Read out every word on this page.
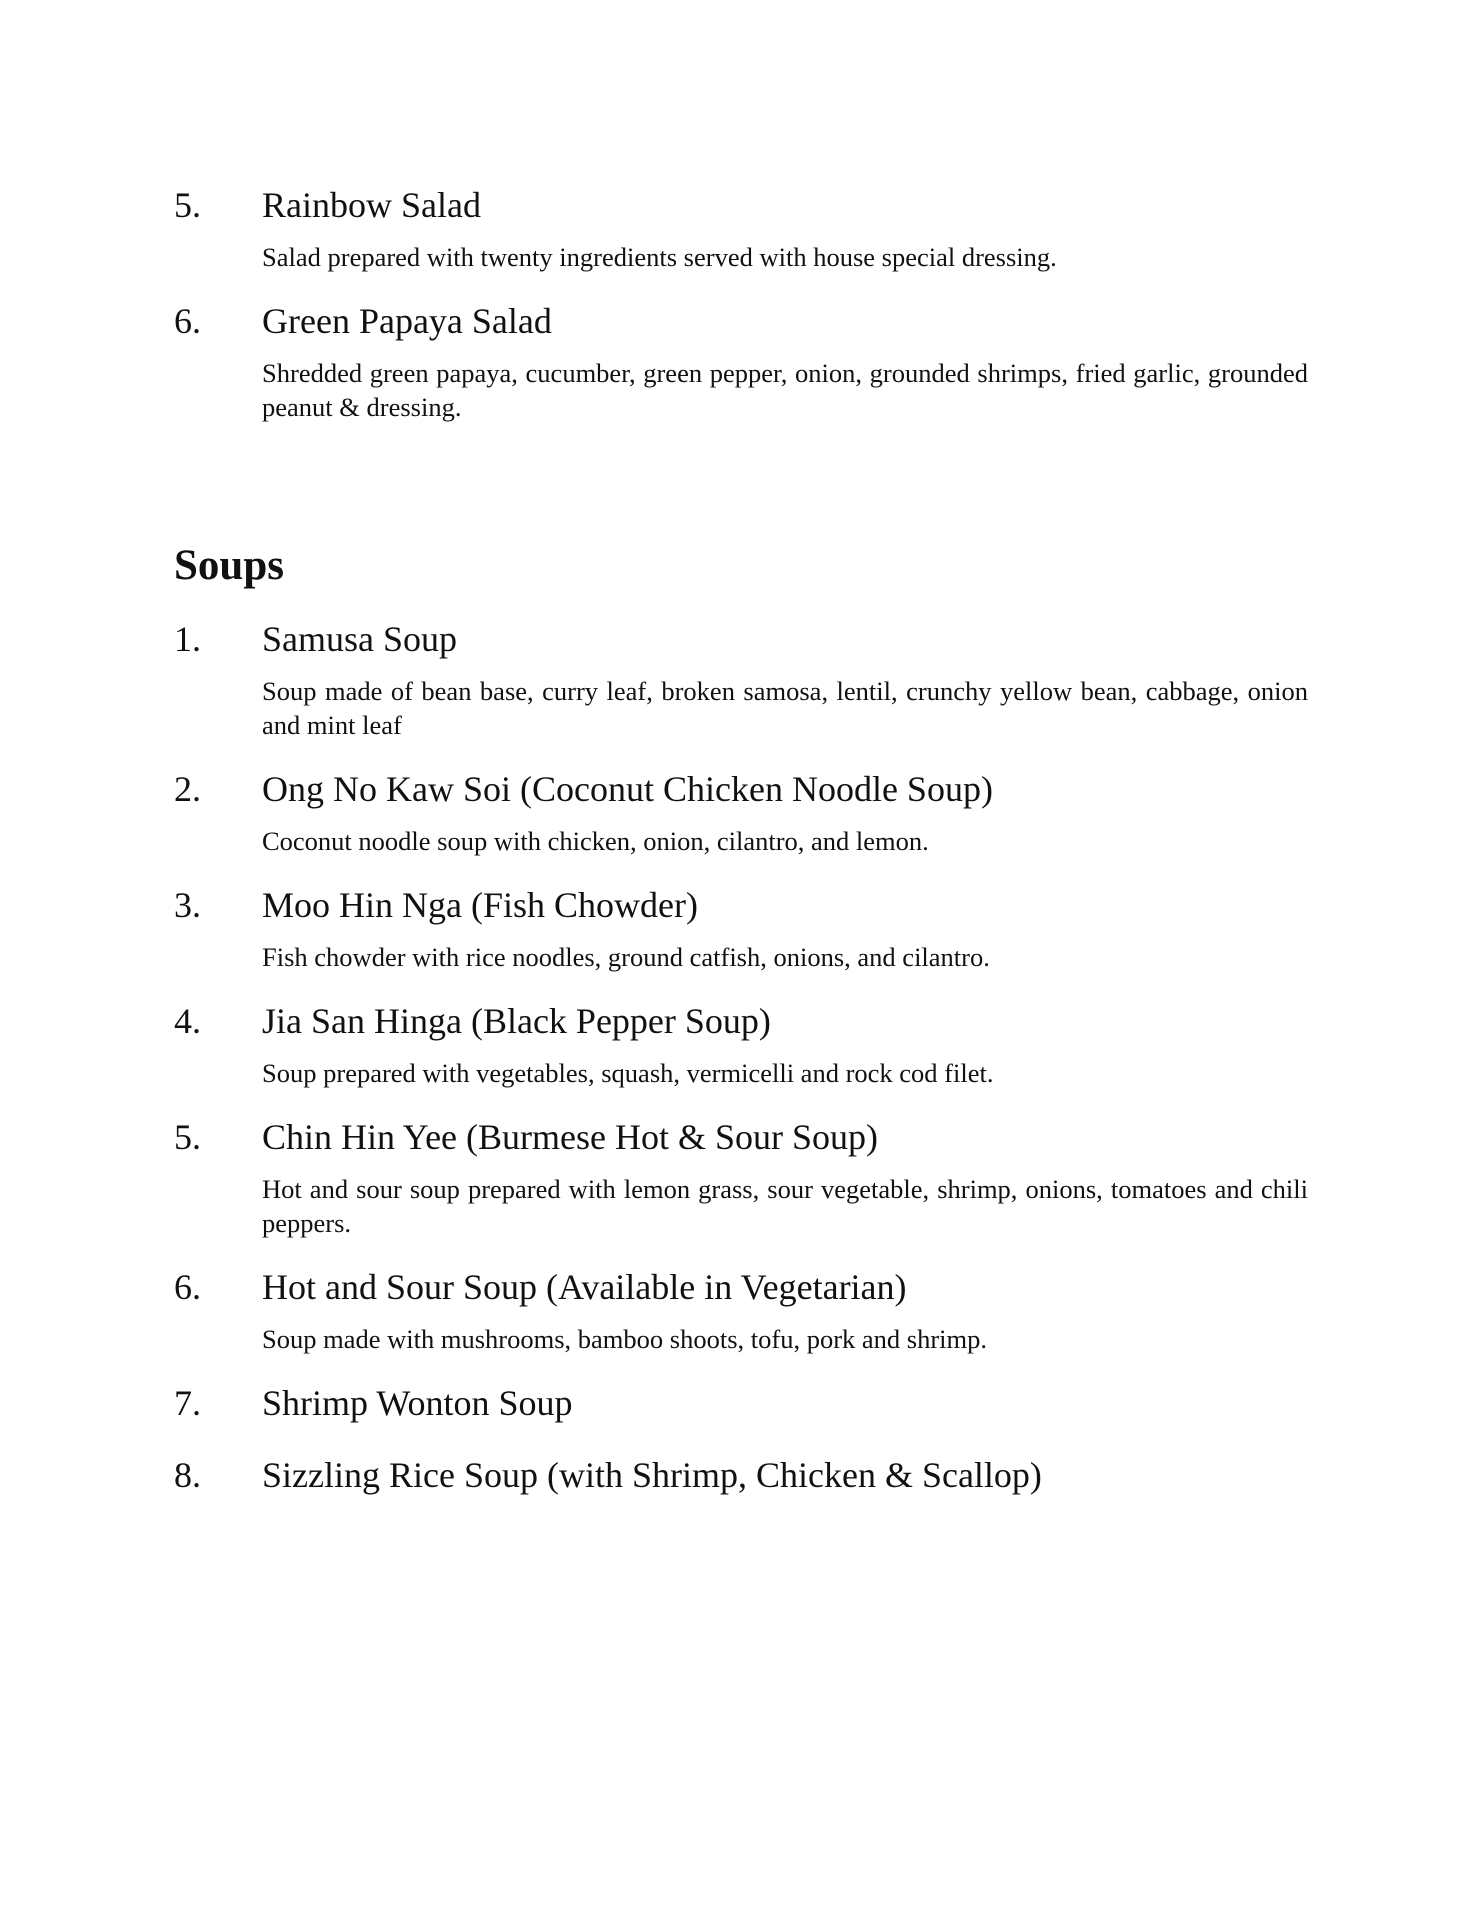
5. Rainbow Salad
Salad prepared with twenty ingredients served with house special dressing.
6. Green Papaya Salad
Shredded green papaya, cucumber, green pepper, onion, grounded shrimps, fried garlic, grounded peanut & dressing.
Soups
1. Samusa Soup
Soup made of bean base, curry leaf, broken samosa, lentil, crunchy yellow bean, cabbage, onion and mint leaf
2. Ong No Kaw Soi (Coconut Chicken Noodle Soup)
Coconut noodle soup with chicken, onion, cilantro, and lemon.
3. Moo Hin Nga (Fish Chowder)
Fish chowder with rice noodles, ground catfish, onions, and cilantro.
4. Jia San Hinga (Black Pepper Soup)
Soup prepared with vegetables, squash, vermicelli and rock cod filet.
5. Chin Hin Yee (Burmese Hot & Sour Soup)
Hot and sour soup prepared with lemon grass, sour vegetable, shrimp, onions, tomatoes and chili peppers.
6. Hot and Sour Soup (Available in Vegetarian)
Soup made with mushrooms, bamboo shoots, tofu, pork and shrimp.
7. Shrimp Wonton Soup
8. Sizzling Rice Soup (with Shrimp, Chicken & Scallop)
